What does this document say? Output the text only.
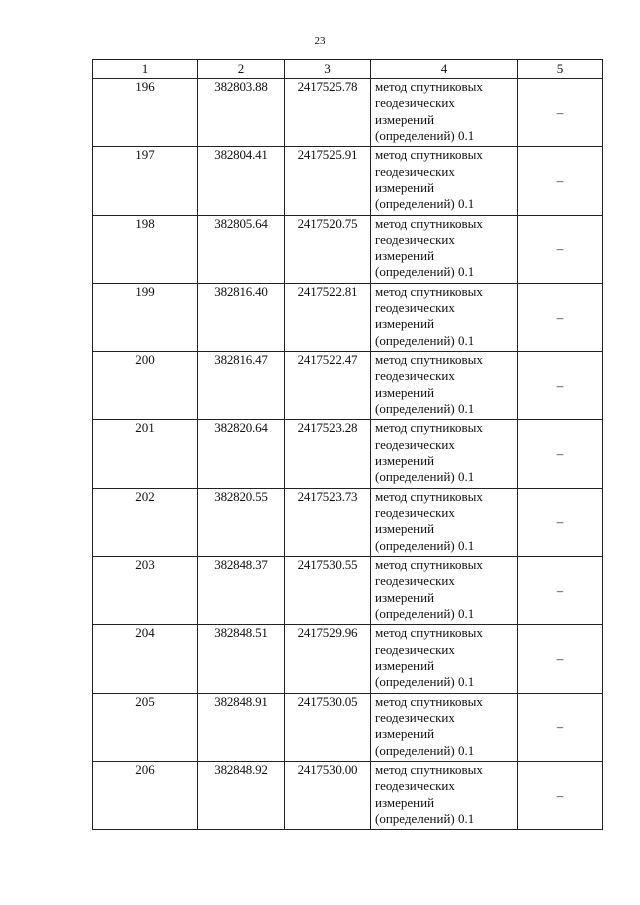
23
1	2	3	4	5
196	382803.88	2417525.78	метод спутниковых геодезических измерений (определений) 0.1	–
197	382804.41	2417525.91	метод спутниковых геодезических измерений (определений) 0.1	–
198	382805.64	2417520.75	метод спутниковых геодезических измерений (определений) 0.1	–
199	382816.40	2417522.81	метод спутниковых геодезических измерений (определений) 0.1	–
200	382816.47	2417522.47	метод спутниковых геодезических измерений (определений) 0.1	–
201	382820.64	2417523.28	метод спутниковых геодезических измерений (определений) 0.1	–
202	382820.55	2417523.73	метод спутниковых геодезических измерений (определений) 0.1	–
203	382848.37	2417530.55	метод спутниковых геодезических измерений (определений) 0.1	–
204	382848.51	2417529.96	метод спутниковых геодезических измерений (определений) 0.1	–
205	382848.91	2417530.05	метод спутниковых геодезических измерений (определений) 0.1	–
206	382848.92	2417530.00	метод спутниковых геодезических измерений (определений) 0.1	–
